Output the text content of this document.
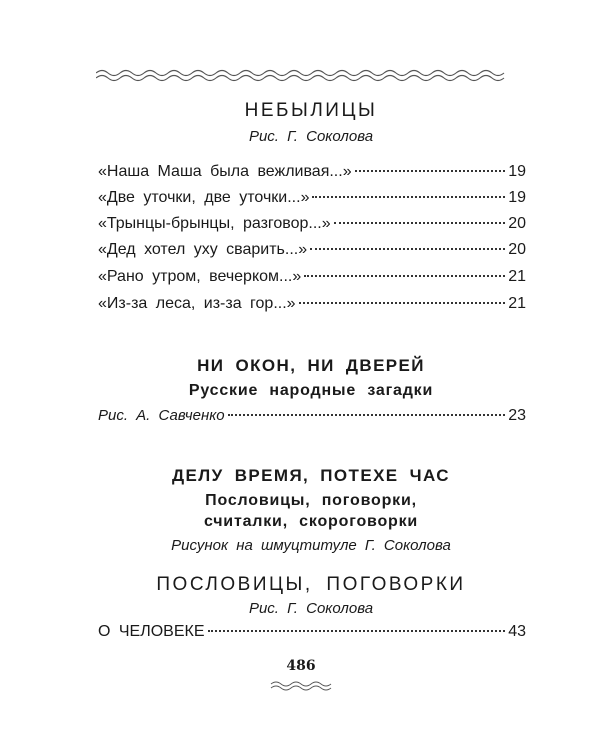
НЕБЫЛИЦЫ
Рис. Г. Соколова
«Наша Маша была вежливая...»	19
«Две уточки, две уточки...»	19
«Трынцы-брынцы, разговор...»	20
«Дед хотел уху сварить...»	20
«Рано утром, вечерком...»	21
«Из-за леса, из-за гор...»	21
НИ ОКОН, НИ ДВЕРЕЙ
Русские народные загадки
Рис. А. Савченко	23
ДЕЛУ ВРЕМЯ, ПОТЕХЕ ЧАС
Пословицы, поговорки,
считалки, скороговорки
Рисунок на шмуцтитуле Г. Соколова
ПОСЛОВИЦЫ, ПОГОВОРКИ
Рис. Г. Соколова
О ЧЕЛОВЕКЕ	43
486
